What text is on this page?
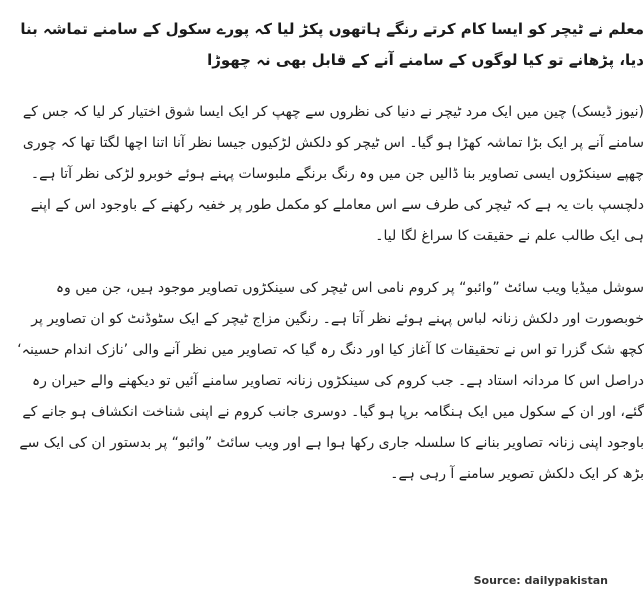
معلم نے ٹیچر کو ایسا کام کرتے رنگے ہاتھوں پکڑ لیا کہ پورے سکول کے سامنے تماشہ بنا دیا، پڑھانے تو کیا لوگوں کے سامنے آنے کے قابل بھی نہ چھوڑا

(نیوز ڈیسک) چین میں ایک مرد ٹیچر نے دنیا کی نظروں سے چھپ کر ایک ایسا شوق اختیار کر لیا کہ جس کے سامنے آنے پر ایک بڑا تماشہ کھڑا ہو گیا۔ اس ٹیچر کو دلکش لڑکیوں جیسا نظر آنا اتنا اچھا لگتا تھا کہ چوری چھپے سینکڑوں ایسی تصاویر بنا ڈالیں جن میں وہ رنگ برنگے ملبوسات پہنے ہوئے خوبرو لڑکی نظر آتا ہے۔ دلچسپ بات یہ ہے کہ ٹیچر کی طرف سے اس معاملے کو مکمل طور پر خفیہ رکھنے کے باوجود اس کے اپنے ہی ایک طالب علم نے حقیقت کا سراغ لگا لیا۔

سوشل میڈیا ویب سائٹ ”وائبو“ پر کروم نامی اس ٹیچر کی سینکڑوں تصاویر موجود ہیں، جن میں وہ خوبصورت اور دلکش زنانہ لباس پہنے ہوئے نظر آتا ہے۔ رنگین مزاج ٹیچر کے ایک سٹوڈنٹ کو ان تصاویر پر کچھ شک گزرا تو اس نے تحقیقات کا آغاز کیا اور دنگ رہ گیا کہ تصاویر میں نظر آنے والی ’نازک اندام حسینہ‘ دراصل اس کا مردانہ استاد ہے۔ جب کروم کی سینکڑوں زنانہ تصاویر سامنے آئیں تو دیکھنے والے حیران رہ گئے، اور ان کے سکول میں ایک ہنگامہ برپا ہو گیا۔ دوسری جانب کروم نے اپنی شناخت انکشاف ہو جانے کے باوجود اپنی زنانہ تصاویر بنانے کا سلسلہ جاری رکھا ہوا ہے اور ویب سائٹ ”وائبو“ پر بدستور ان کی ایک سے بڑھ کر ایک دلکش تصویر سامنے آ رہی ہے۔

Source: dailypakistan
